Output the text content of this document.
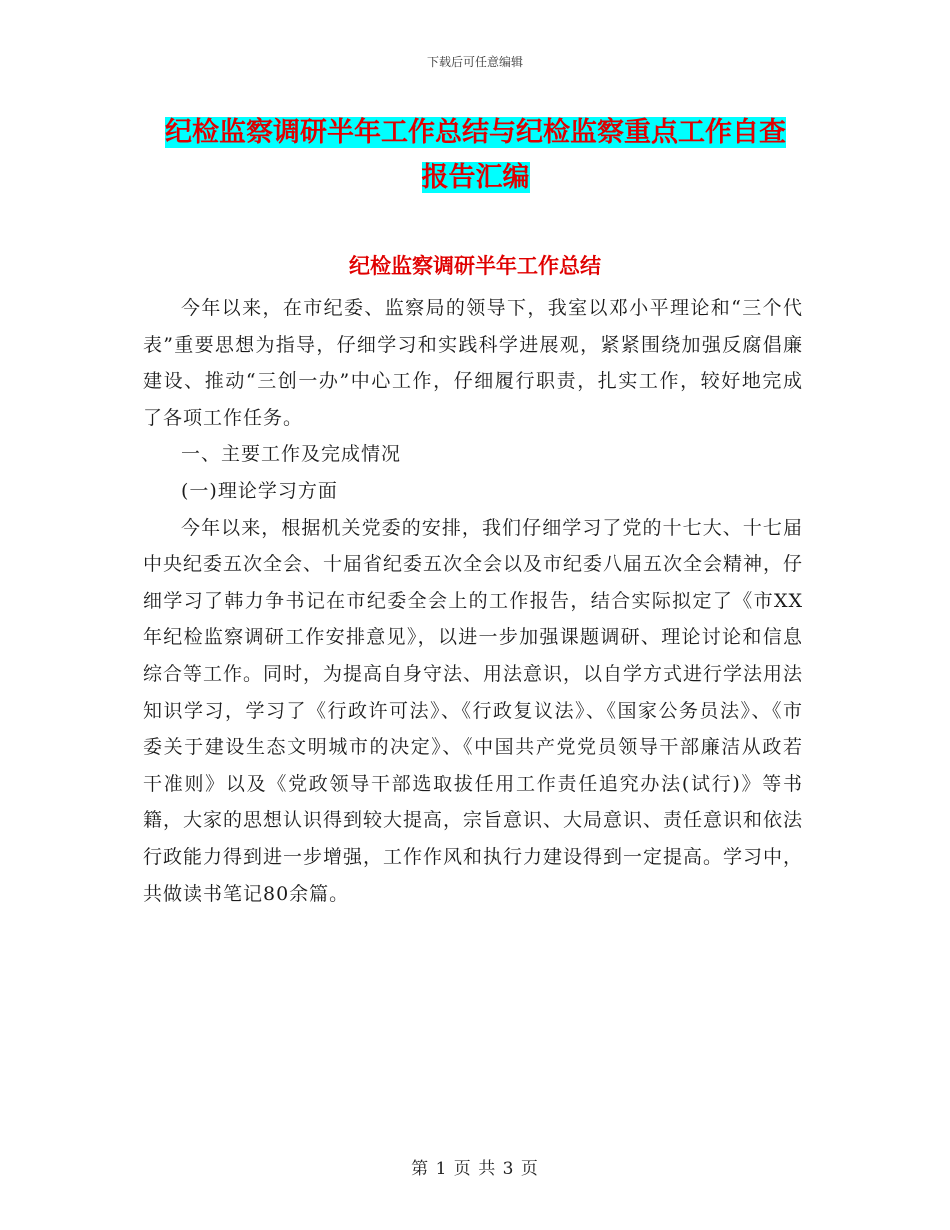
下载后可任意编辑
纪检监察调研半年工作总结与纪检监察重点工作自查
报告汇编
纪检监察调研半年工作总结

今年以来，在市纪委、监察局的领导下，我室以邓小平理论和“三个代表”重要思想为指导，仔细学习和实践科学进展观，紧紧围绕加强反腐倡廉建设、推动“三创一办”中心工作，仔细履行职责，扎实工作，较好地完成了各项工作任务。

一、主要工作及完成情况

(一)理论学习方面

今年以来，根据机关党委的安排，我们仔细学习了党的十七大、十七届中央纪委五次全会、十届省纪委五次全会以及市纪委八届五次全会精神，仔细学习了韩力争书记在市纪委全会上的工作报告，结合实际拟定了《市XX年纪检监察调研工作安排意见》，以进一步加强课题调研、理论讨论和信息综合等工作。同时，为提高自身守法、用法意识，以自学方式进行学法用法知识学习，学习了《行政许可法》、《行政复议法》、《国家公务员法》、《市委关于建设生态文明城市的决定》、《中国共产党党员领导干部廉洁从政若干准则》以及《党政领导干部选取拔任用工作责任追究办法(试行)》等书籍，大家的思想认识得到较大提高，宗旨意识、大局意识、责任意识和依法行政能力得到进一步增强，工作作风和执行力建设得到一定提高。学习中，共做读书笔记80余篇。

第 1 页 共 3 页
